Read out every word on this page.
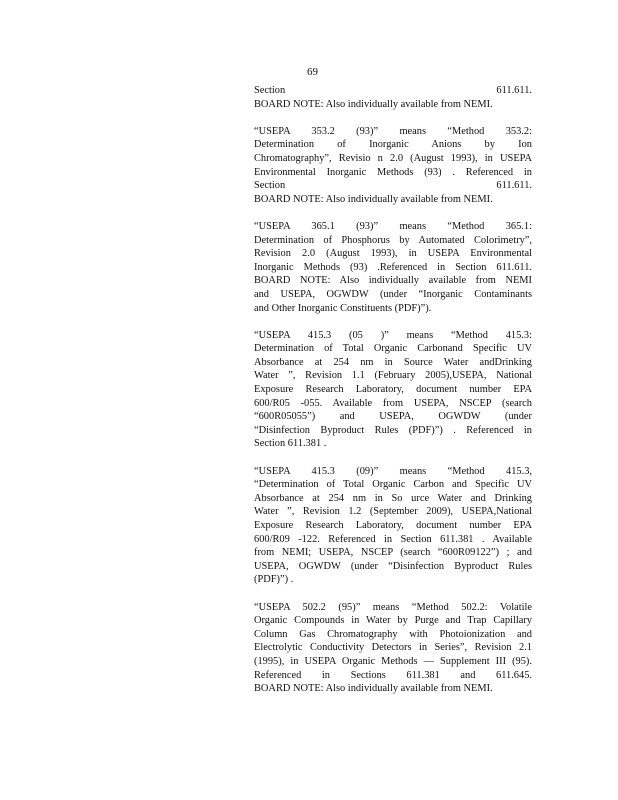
69
Section 611.611.
BOARD NOTE: Also individually available from NEMI.
“USEPA 353.2 (93)” means “Method 353.2:
Determination of Inorganic Anions by Ion
Chromatography”, Revisio n 2.0 (August 1993), in USEPA
Environmental Inorganic Methods (93) . Referenced in
Section 611.611.
BOARD NOTE: Also individually available from NEMI.
“USEPA 365.1 (93)” means “Method 365.1:
Determination of Phosphorus by Automated Colorimetry”,
Revision 2.0 (August 1993), in USEPA Environmental
Inorganic Methods (93) .Referenced in Section 611.611.
BOARD NOTE: Also individually available from NEMI
and USEPA, OGWDW (under “Inorganic Contaminants
and Other Inorganic Constituents (PDF)”).
“USEPA 415.3 (05 )” means “Method 415.3:
Determination of Total Organic Carbonand Specific UV
Absorbance at 254 nm in Source Water andDrinking
Water ”, Revision 1.1 (February 2005),USEPA, National
Exposure Research Laboratory, document number EPA
600/R05 -055. Available from USEPA, NSCEP (search
“600R05055”) and USEPA, OGWDW (under
“Disinfection Byproduct Rules (PDF)”) . Referenced in
Section 611.381 .
“USEPA 415.3 (09)” means “Method 415.3,
“Determination of Total Organic Carbon and Specific UV
Absorbance at 254 nm in So urce Water and Drinking
Water ”, Revision 1.2 (September 2009), USEPA,National
Exposure Research Laboratory, document number EPA
600/R09 -122. Referenced in Section 611.381 . Available
from NEMI; USEPA, NSCEP (search “600R09122”) ; and
USEPA, OGWDW (under “Disinfection Byproduct Rules
(PDF)”) .
“USEPA 502.2 (95)” means “Method 502.2: Volatile
Organic Compounds in Water by Purge and Trap Capillary
Column Gas Chromatography with Photoionization and
Electrolytic Conductivity Detectors in Series”, Revision 2.1
(1995), in USEPA Organic Methods — Supplement III (95).
Referenced in Sections 611.381 and 611.645.
BOARD NOTE: Also individually available from NEMI.
